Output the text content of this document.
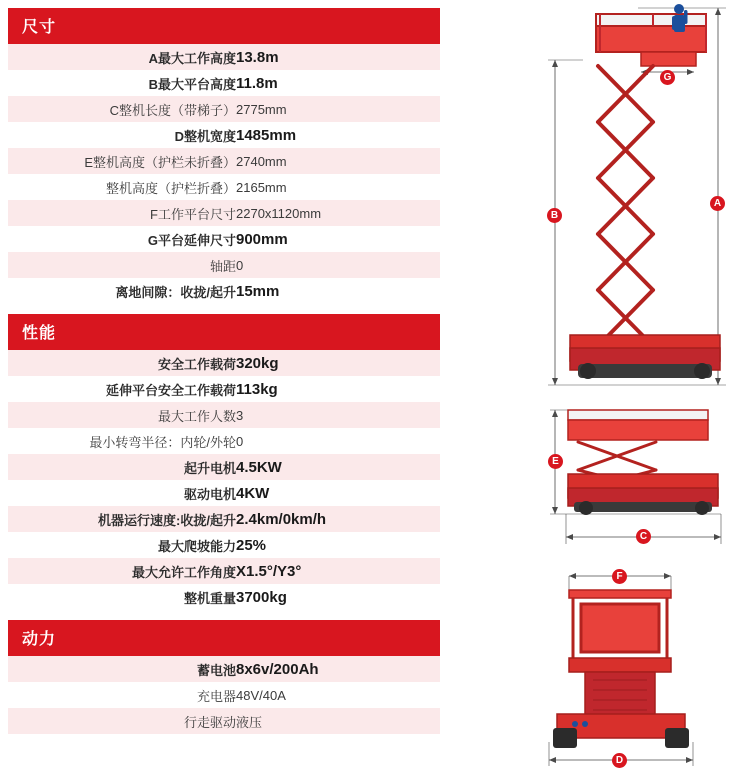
尺寸
A最大工作高度	13.8m
B最大平台高度	11.8m
C整机长度（带梯子）	2775mm
D整机宽度	1485mm
E整机高度（护栏未折叠）	2740mm
整机高度（护栏折叠）	2165mm
F工作平台尺寸	2270x1120mm
G平台延伸尺寸	900mm
轴距	0
离地间隙：收拢/起升	15mm
性能
安全工作载荷	320kg
延伸平台安全工作载荷	113kg
最大工作人数	3
最小转弯半径：内轮/外轮	0
起升电机	4.5KW
驱动电机	4KW
机器运行速度:收拢/起升	2.4km/0km/h
最大爬坡能力	25%
最大允许工作角度	X1.5°/Y3°
整机重量	3700kg
动力
蓄电池	8x6v/200Ah
充电器	48V/40A
行走驱动	液压
B
A
G
E
C
F
D
